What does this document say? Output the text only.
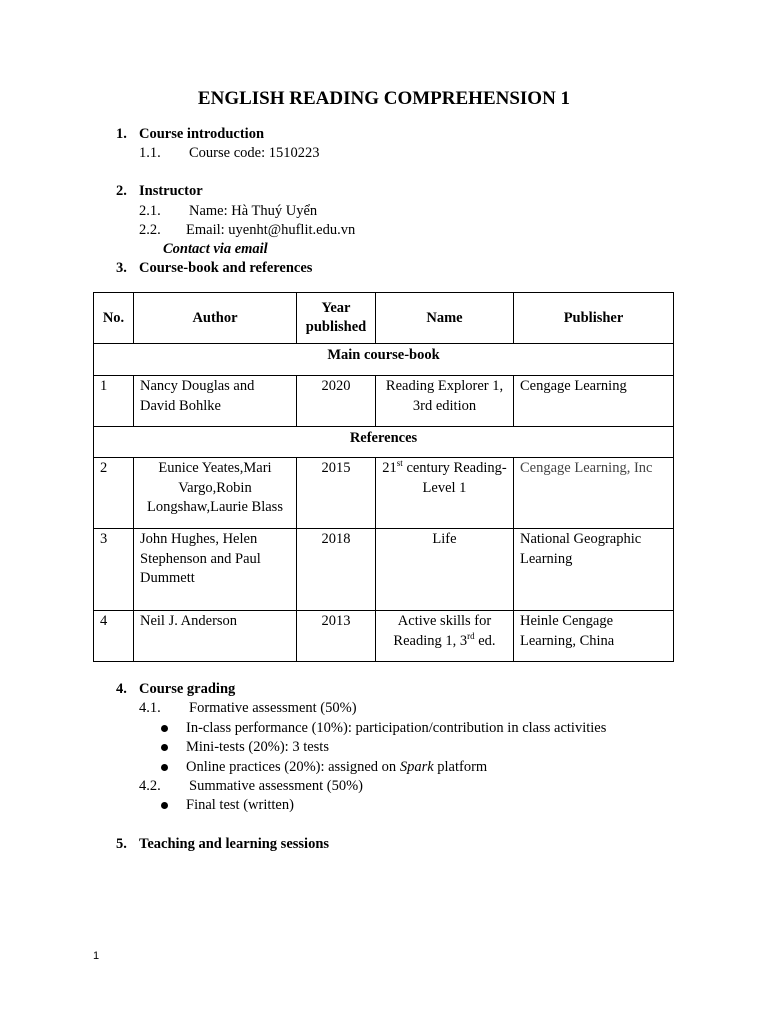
ENGLISH READING COMPREHENSION 1
1. Course introduction
1.1. Course code: 1510223
2. Instructor
2.1. Name: Hà Thuý Uyển
2.2. Email: uyenht@huflit.edu.vn
Contact via email
3. Course-book and references
No.	Author	Year published	Name	Publisher
Main course-book				
1	Nancy Douglas and David Bohlke	2020	Reading Explorer 1, 3rd edition	Cengage Learning
References				
2	Eunice Yeates,Mari Vargo,Robin Longshaw,Laurie Blass	2015	21st century Reading- Level 1	Cengage Learning, Inc
3	John Hughes, Helen Stephenson and Paul Dummett	2018	Life	National Geographic Learning
4	Neil J. Anderson	2013	Active skills for Reading 1, 3rd ed.	Heinle Cengage Learning, China
4. Course grading
4.1. Formative assessment (50%)
In-class performance (10%): participation/contribution in class activities
Mini-tests (20%): 3 tests
Online practices (20%): assigned on Spark platform
4.2. Summative assessment (50%)
Final test (written)
5. Teaching and learning sessions
1
